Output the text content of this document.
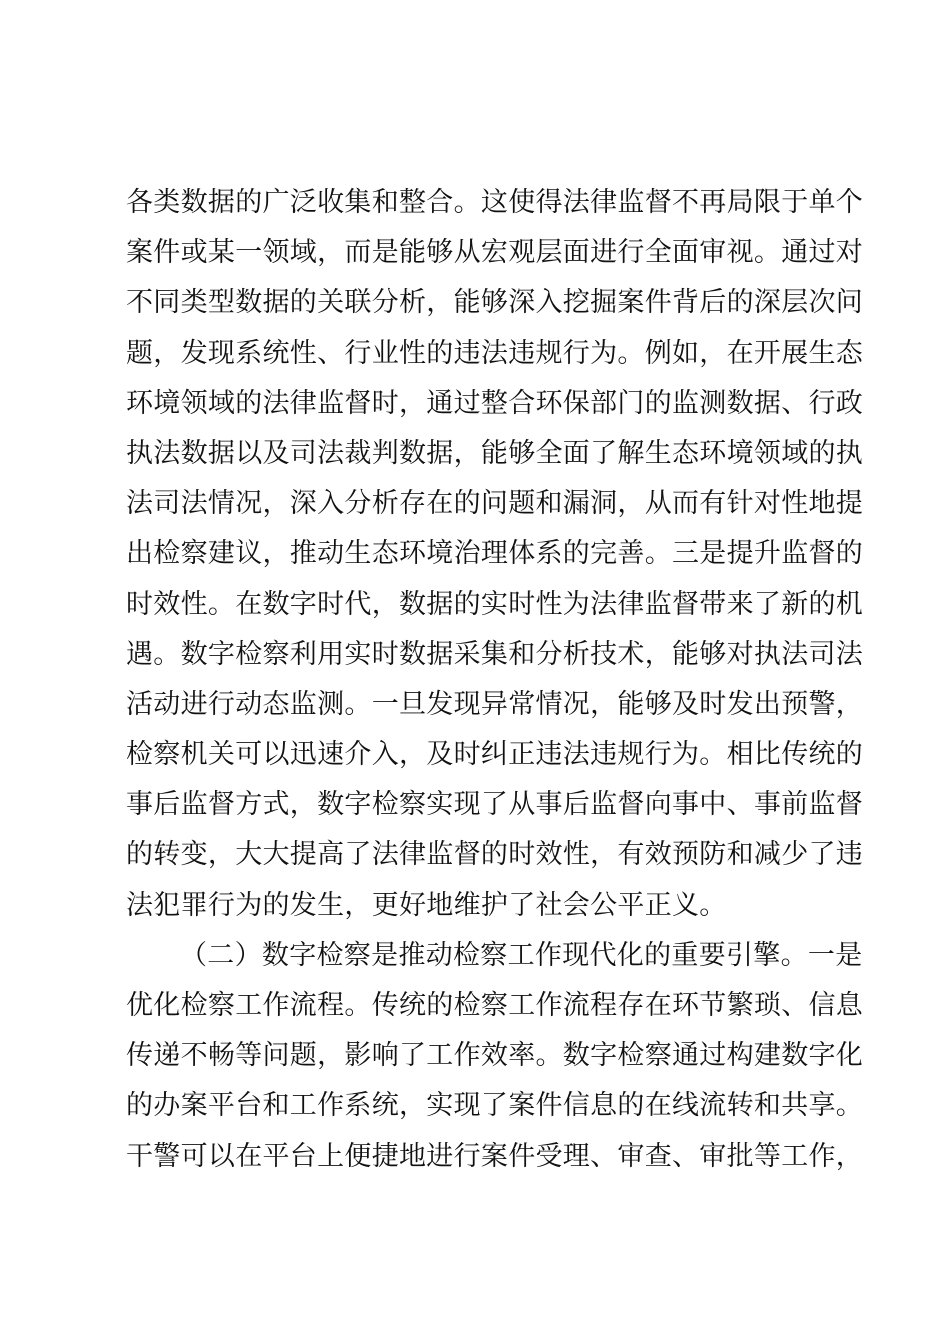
各类数据的广泛收集和整合。这使得法律监督不再局限于单个
案件或某一领域，而是能够从宏观层面进行全面审视。通过对
不同类型数据的关联分析，能够深入挖掘案件背后的深层次问
题，发现系统性、行业性的违法违规行为。例如，在开展生态
环境领域的法律监督时，通过整合环保部门的监测数据、行政
执法数据以及司法裁判数据，能够全面了解生态环境领域的执
法司法情况，深入分析存在的问题和漏洞，从而有针对性地提
出检察建议，推动生态环境治理体系的完善。三是提升监督的
时效性。在数字时代，数据的实时性为法律监督带来了新的机
遇。数字检察利用实时数据采集和分析技术，能够对执法司法
活动进行动态监测。一旦发现异常情况，能够及时发出预警，
检察机关可以迅速介入，及时纠正违法违规行为。相比传统的
事后监督方式，数字检察实现了从事后监督向事中、事前监督
的转变，大大提高了法律监督的时效性，有效预防和减少了违
法犯罪行为的发生，更好地维护了社会公平正义。
（二）数字检察是推动检察工作现代化的重要引擎。一是
优化检察工作流程。传统的检察工作流程存在环节繁琐、信息
传递不畅等问题，影响了工作效率。数字检察通过构建数字化
的办案平台和工作系统，实现了案件信息的在线流转和共享。
干警可以在平台上便捷地进行案件受理、审查、审批等工作，
